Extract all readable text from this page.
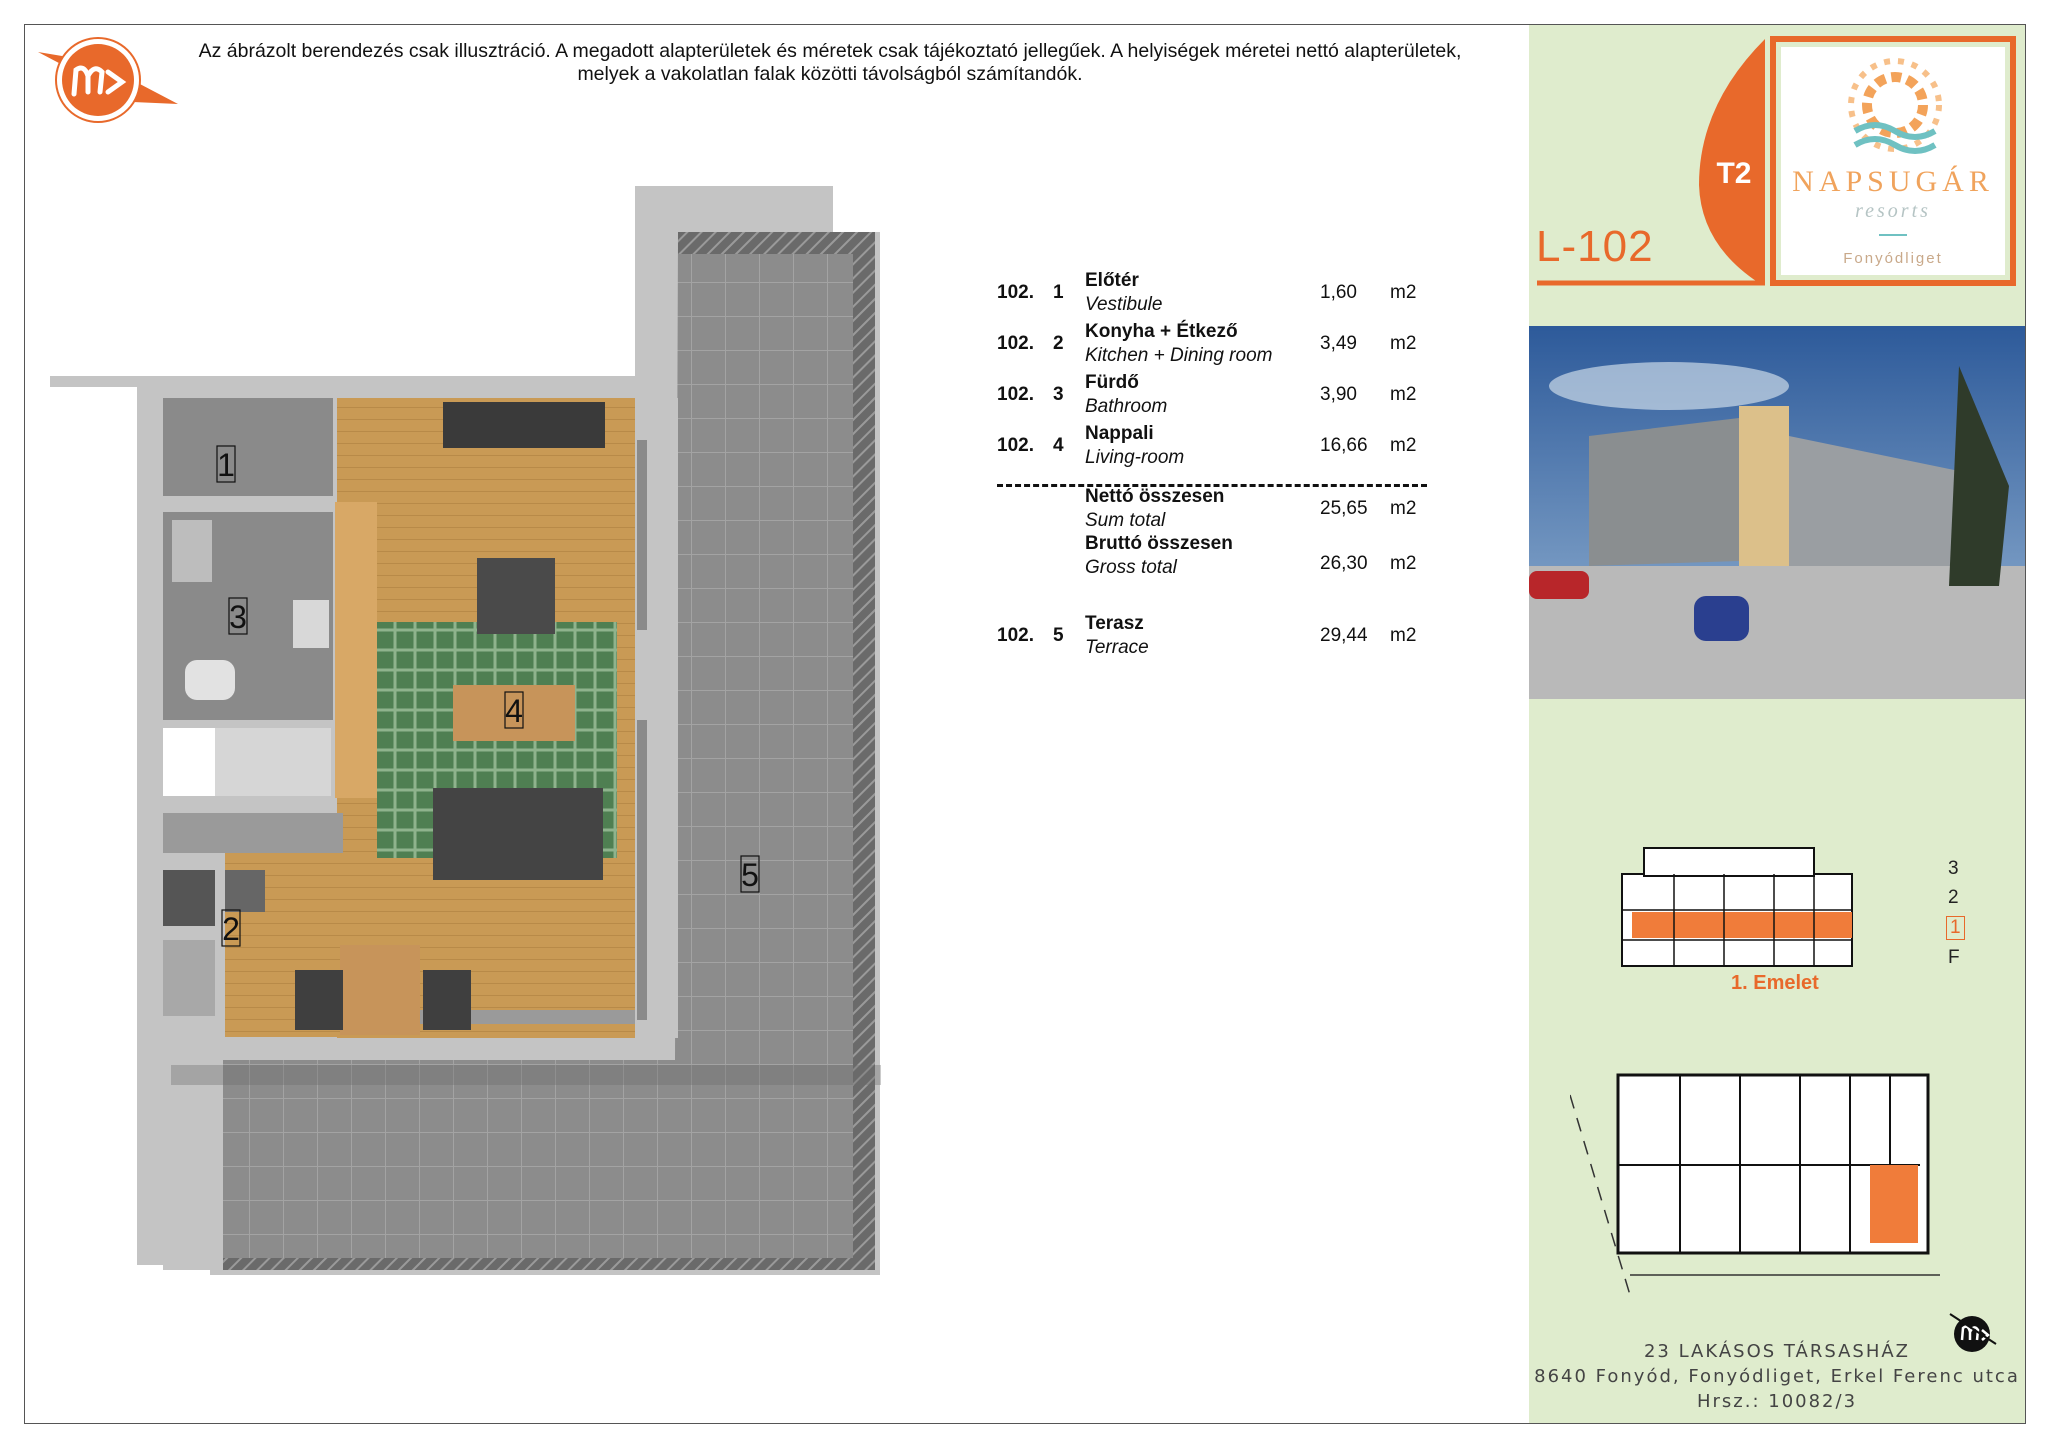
Az ábrázolt berendezés csak illusztráció. A megadott alapterületek és méretek csak tájékoztató jellegűek. A helyiségek méretei nettó alapterületek,
melyek a vakolatlan falak közötti távolságból számítandók.
1
2
3
4
5
102. 1
Előtér
Vestibule
1,60 m2
102. 2
Konyha + Étkező
Kitchen + Dining room
3,49 m2
102. 3
Fürdő
Bathroom
3,90 m2
102. 4
Nappali
Living-room
16,66 m2
Nettó összesen
Sum total
25,65 m2
Bruttó összesen
Gross total	26,30 m2
102. 5
Terasz
Terrace
29,44 m2
T2 NAPSUGÁR
resorts
Fonyódliget
L-102
3
2
1
F
1. Emelet
23 LAKÁSOS TÁRSASHÁZ
8640 Fonyód, Fonyódliget, Erkel Ferenc utca
Hrsz.: 10082/3
